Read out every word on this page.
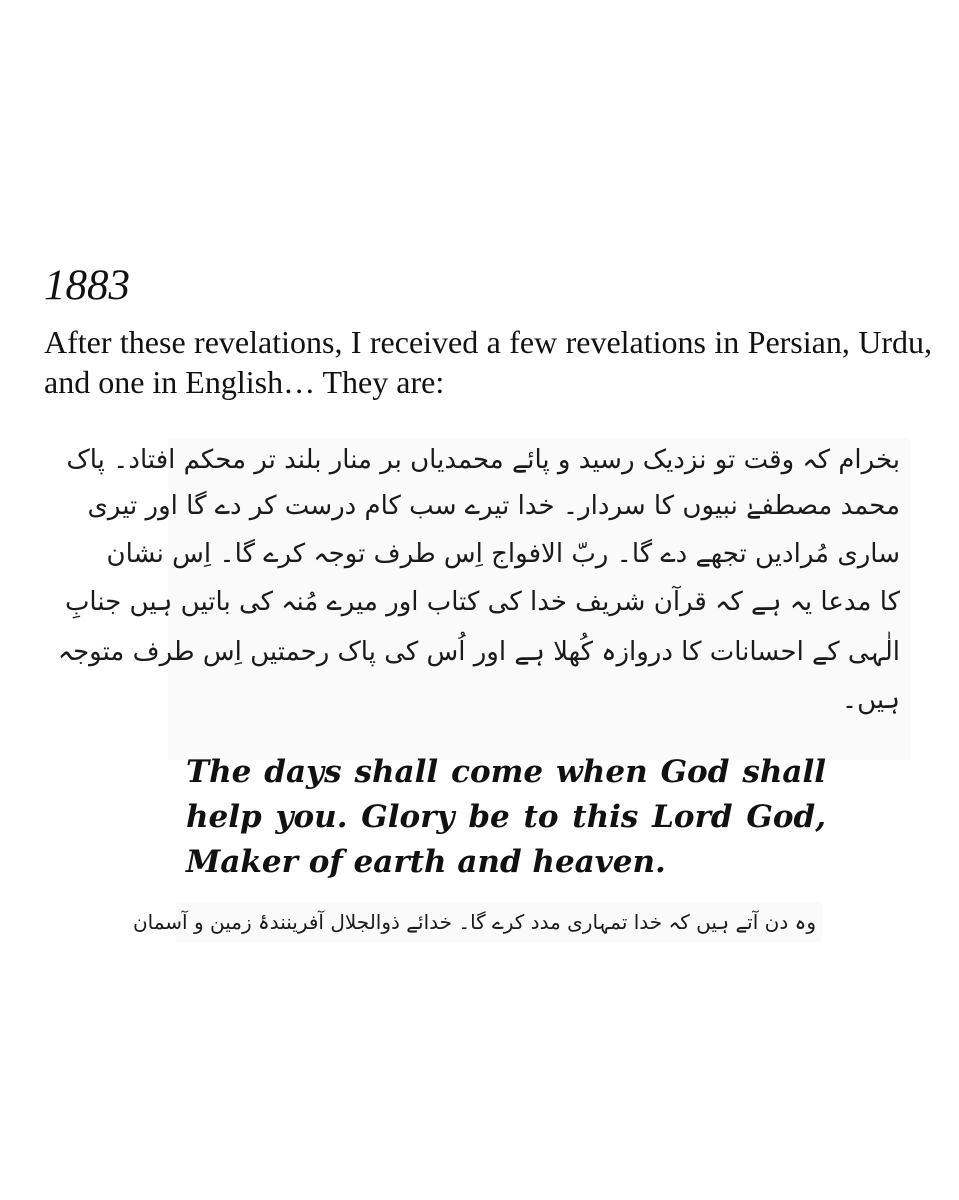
1883
After these revelations, I received a few revelations in Persian, Urdu, and one in English… They are:
بخرام کہ وقت تو نزدیک رسید و پائے محمدیاں بر منار بلند تر محکم افتاد۔ پاک
محمد مصطفےٰ نبیوں کا سردار۔ خدا تیرے سب کام درست کر دے گا اور تیری
ساری مُرادیں تجھے دے گا۔ ربّ الافواج اِس طرف توجہ کرے گا۔ اِس نشان
کا مدعا یہ ہے کہ قرآن شریف خدا کی کتاب اور میرے مُنہ کی باتیں ہیں جنابِ
الٰہی کے احسانات کا دروازہ کُھلا ہے اور اُس کی پاک رحمتیں اِس طرف متوجہ
ہیں۔
The days shall come when God shall help you. Glory be to this Lord God, Maker of earth and heaven.
وہ دن آتے ہیں کہ خدا تمہاری مدد کرے گا۔ خدائے ذوالجلال آفرینندۂ زمین و آسمان
